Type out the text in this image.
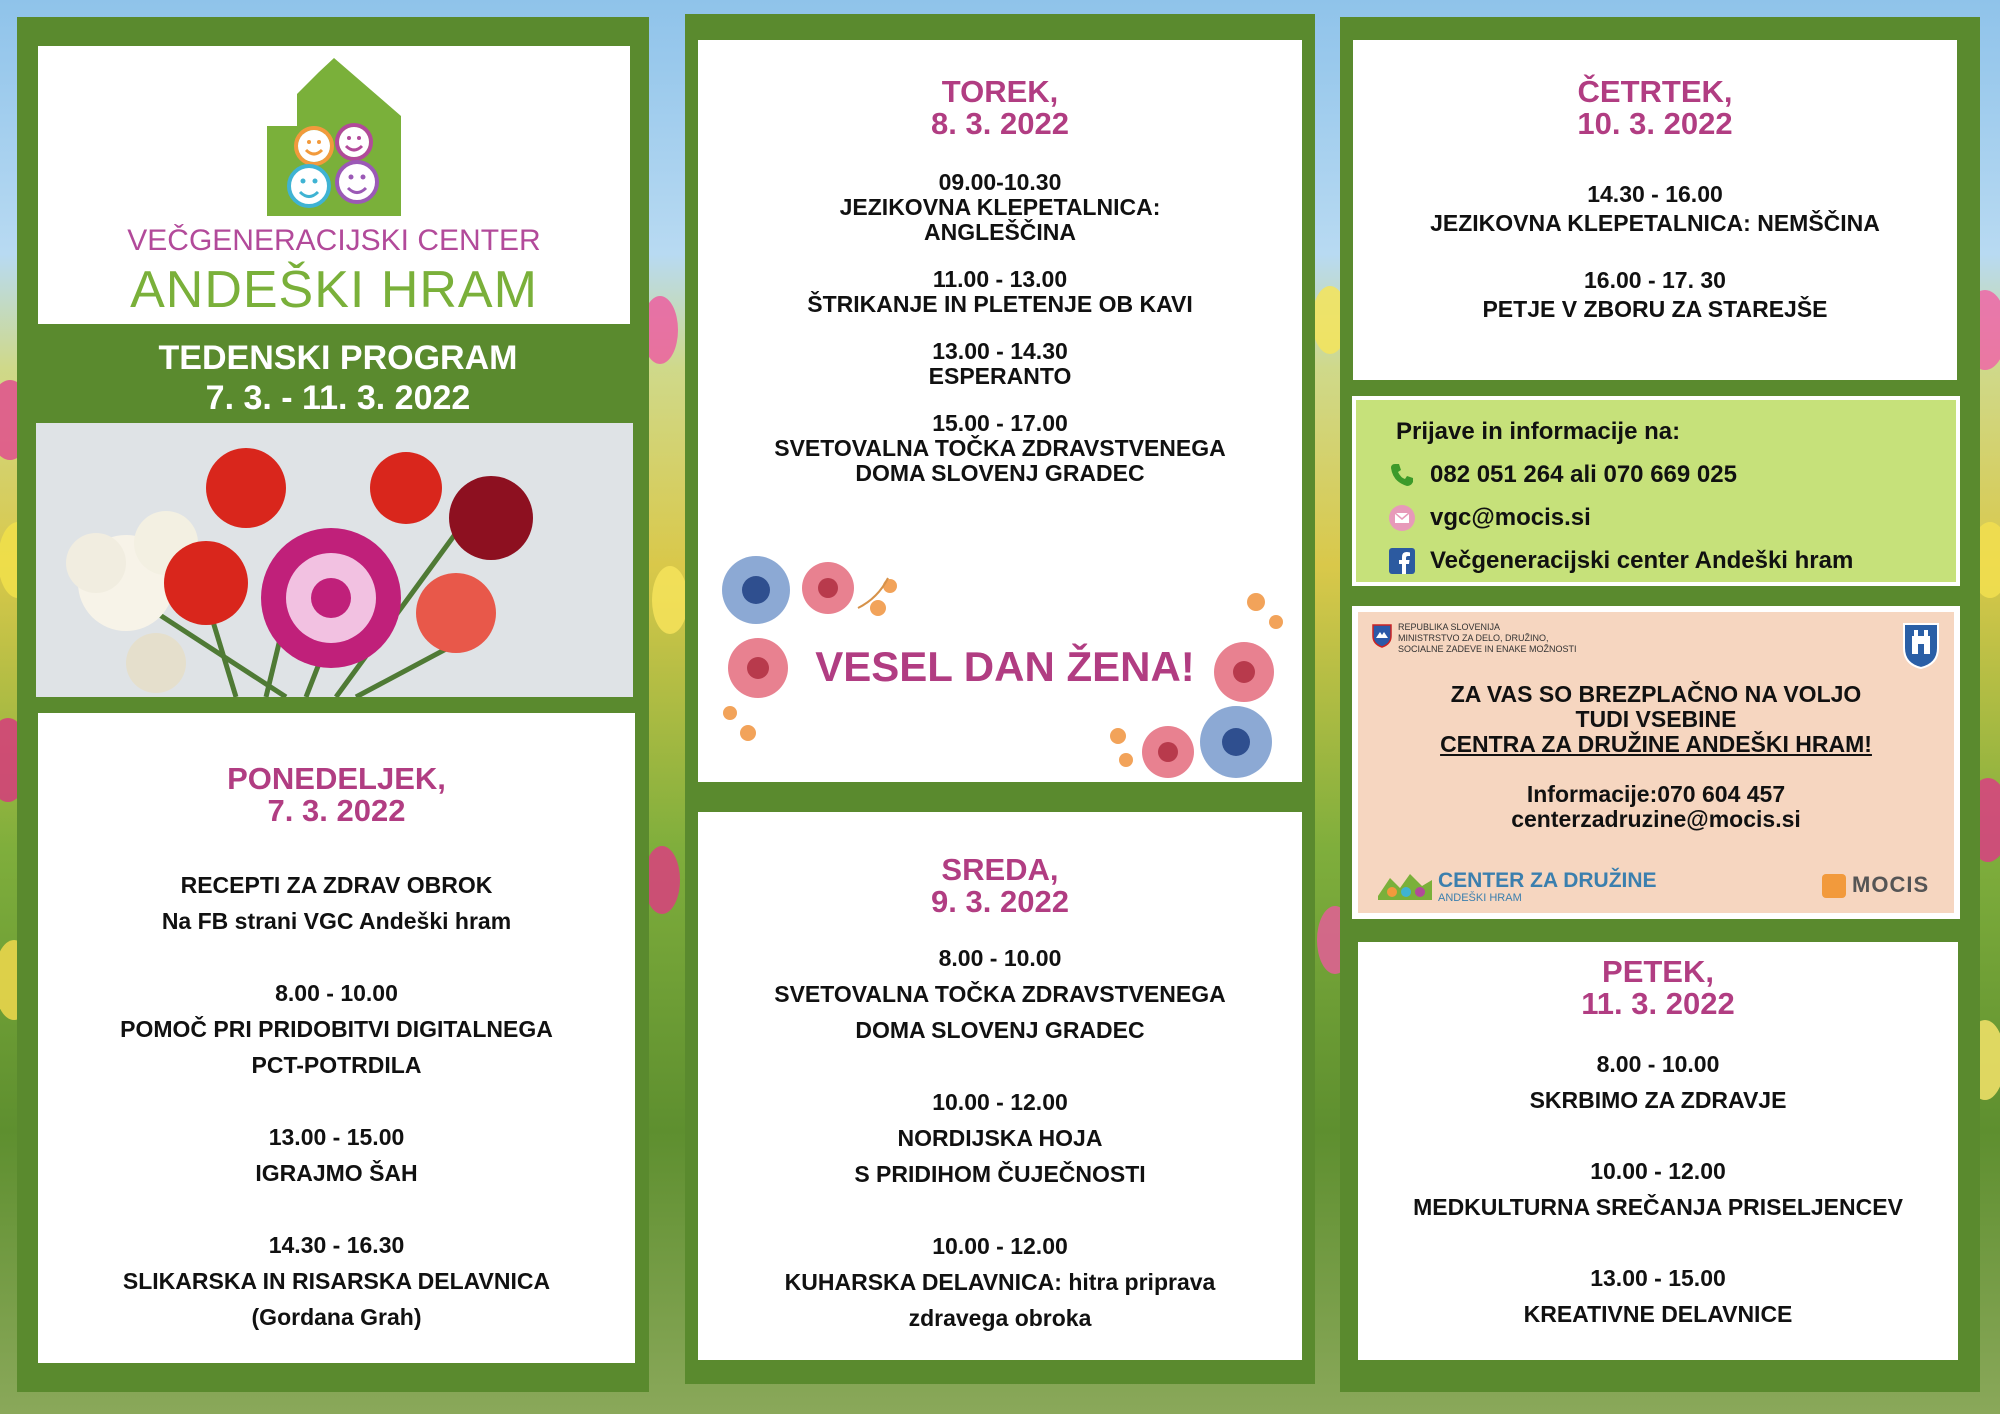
VEČGENERACIJSKI CENTER
ANDEŠKI HRAM
TEDENSKI PROGRAM
7. 3. - 11. 3. 2022
PONEDELJEK,
7. 3. 2022
RECEPTI ZA ZDRAV OBROK
Na FB strani VGC Andeški hram
8.00 - 10.00
POMOČ PRI PRIDOBITVI DIGITALNEGA
PCT-POTRDILA
13.00 - 15.00
IGRAJMO ŠAH
14.30 - 16.30
SLIKARSKA IN RISARSKA DELAVNICA
(Gordana Grah)
TOREK,
8. 3. 2022
09.00-10.30
JEZIKOVNA KLEPETALNICA:
ANGLEŠČINA
11.00 - 13.00
ŠTRIKANJE IN PLETENJE OB KAVI
13.00 - 14.30
ESPERANTO
15.00 - 17.00
SVETOVALNA TOČKA ZDRAVSTVENEGA
DOMA SLOVENJ GRADEC
VESEL DAN ŽENA!
SREDA,
9. 3. 2022
8.00 - 10.00
SVETOVALNA TOČKA ZDRAVSTVENEGA
DOMA SLOVENJ GRADEC
10.00 - 12.00
NORDIJSKA HOJA
S PRIDIHOM ČUJEČNOSTI
10.00 - 12.00
KUHARSKA DELAVNICA: hitra priprava
zdravega obroka
ČETRTEK,
10. 3. 2022
14.30 - 16.00
JEZIKOVNA KLEPETALNICA: NEMŠČINA
16.00 - 17. 30
PETJE V ZBORU ZA STAREJŠE
Prijave in informacije na:
082 051 264 ali 070 669 025
vgc@mocis.si
Večgeneracijski center Andeški hram
REPUBLIKA SLOVENIJA
MINISTRSTVO ZA DELO, DRUŽINO,
SOCIALNE ZADEVE IN ENAKE MOŽNOSTI
ZA VAS SO BREZPLAČNO NA VOLJO
TUDI VSEBINE
CENTRA ZA DRUŽINE ANDEŠKI HRAM!
Informacije:070 604 457
centerzadruzine@mocis.si
CENTER ZA DRUŽINE
ANDEŠKI HRAM
MOCIS
PETEK,
11. 3. 2022
8.00 - 10.00
SKRBIMO ZA ZDRAVJE
10.00 - 12.00
MEDKULTURNA SREČANJA PRISELJENCEV
13.00 - 15.00
KREATIVNE DELAVNICE
